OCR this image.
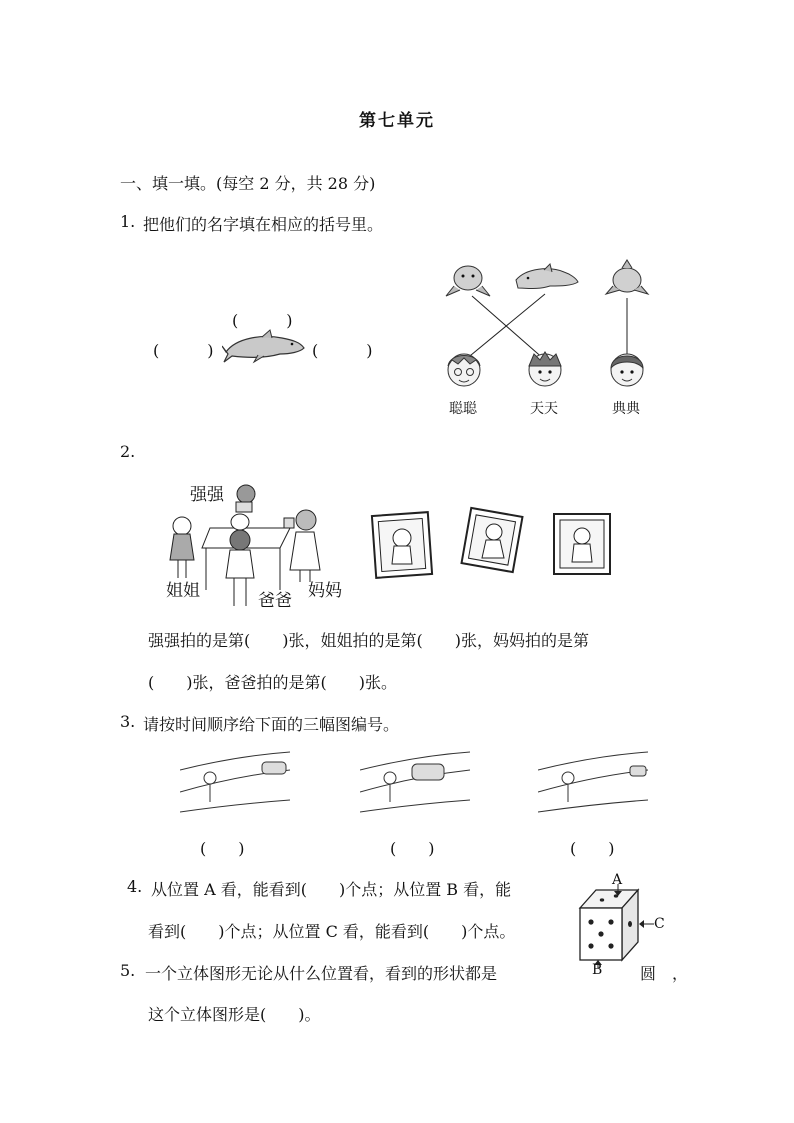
第七单元
一、填一填。(每空 2 分，共 28 分)
1. 把他们的名字填在相应的括号里。
(　　　)
(　　　)	(　　　)
聪聪	天天	典典
2.
强强
姐姐	爸爸 妈妈
强强拍的是第(　　)张，姐姐拍的是第(　　)张，妈妈拍的是第
(　　)张，爸爸拍的是第(　　)张。
3. 请按时间顺序给下面的三幅图编号。
(　　)	(　　)	(　　)
4. 从位置 A 看，能看到(　　)个点；从位置 B 看，能
看到(　　)个点；从位置 C 看，能看到(　　)个点。
A
C
B
5. 一个立体图形无论从什么位置看，看到的形状都是	圆 ，
这个立体图形是(　　)。
